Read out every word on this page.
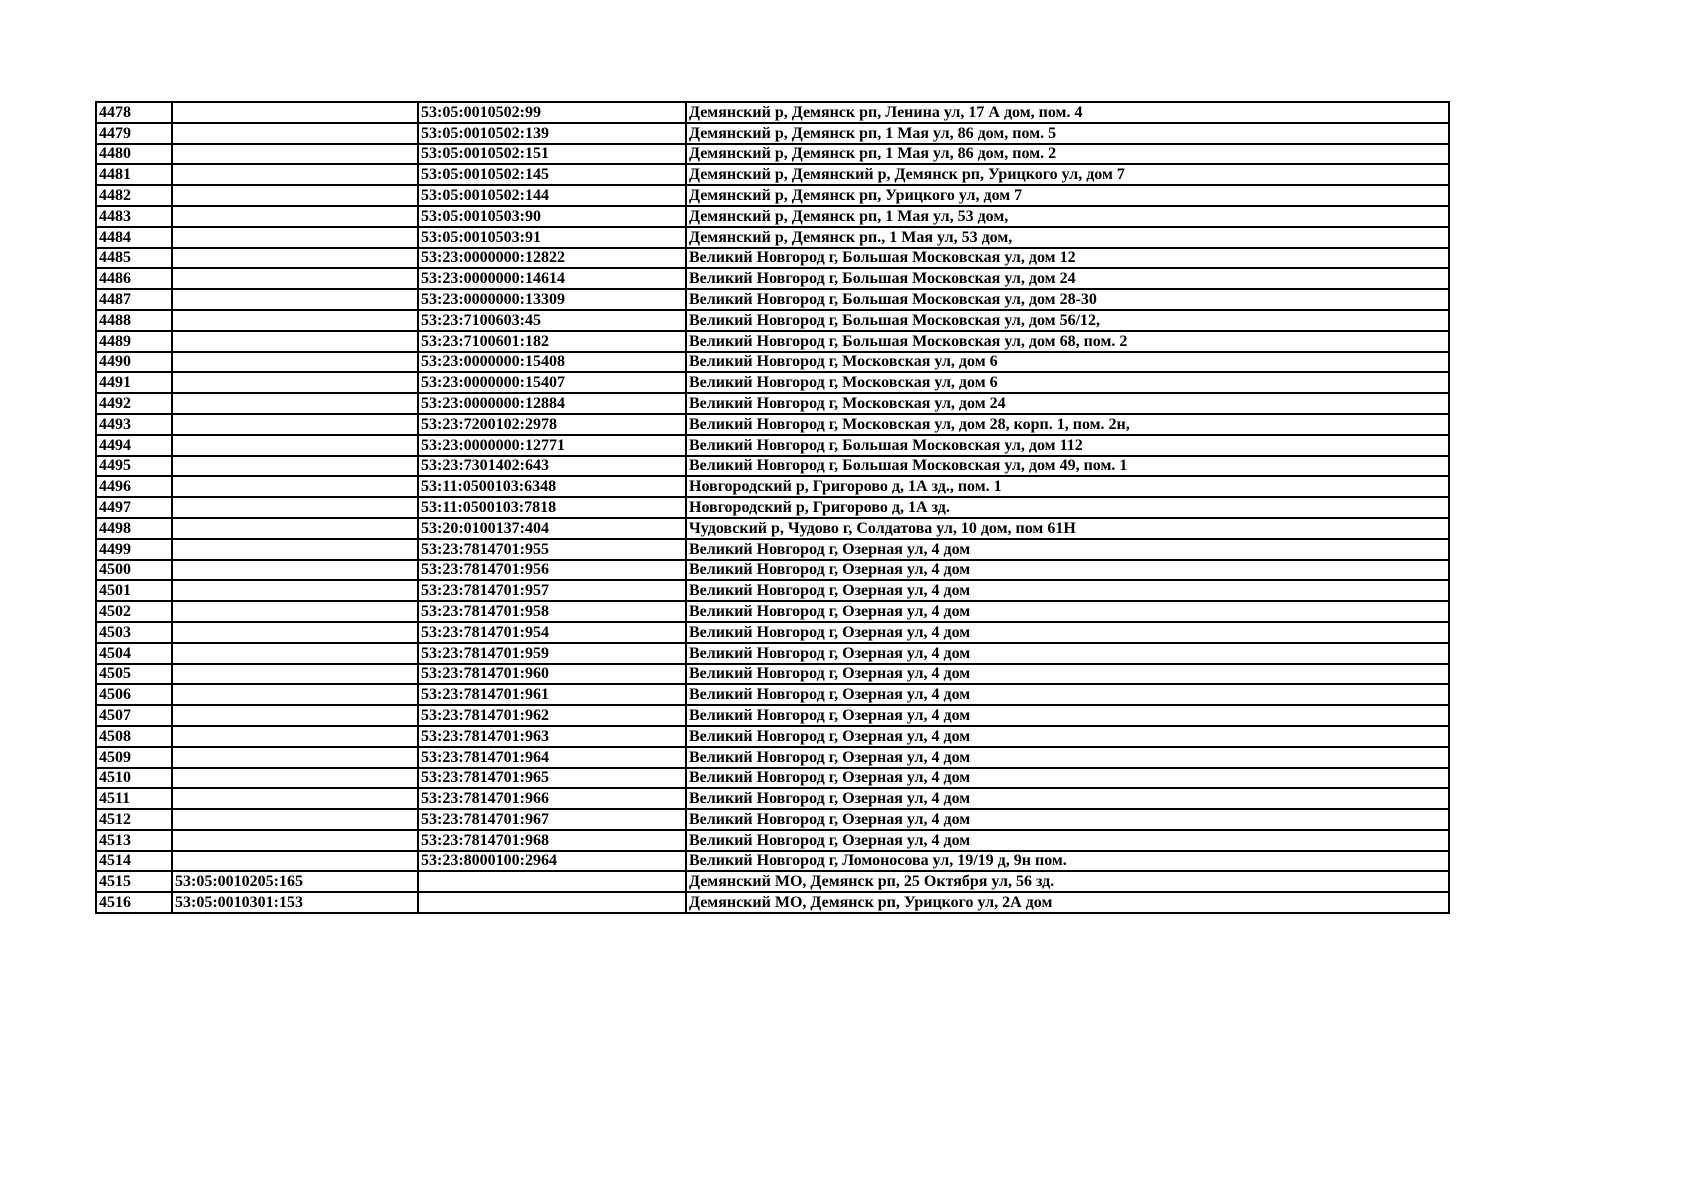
4478		53:05:0010502:99	Демянский р, Демянск рп, Ленина ул, 17 А дом, пом. 4
4479		53:05:0010502:139	Демянский р, Демянск рп, 1 Мая ул, 86 дом, пом. 5
4480		53:05:0010502:151	Демянский р, Демянск рп, 1 Мая ул, 86 дом, пом. 2
4481		53:05:0010502:145	Демянский р, Демянский р, Демянск рп, Урицкого ул, дом 7
4482		53:05:0010502:144	Демянский р, Демянск рп, Урицкого ул, дом 7
4483		53:05:0010503:90	Демянский р, Демянск рп, 1 Мая ул, 53 дом,
4484		53:05:0010503:91	Демянский р, Демянск рп., 1 Мая ул, 53 дом,
4485		53:23:0000000:12822	Великий Новгород г, Большая Московская ул, дом 12
4486		53:23:0000000:14614	Великий Новгород г, Большая Московская ул, дом 24
4487		53:23:0000000:13309	Великий Новгород г, Большая Московская ул, дом 28-30
4488		53:23:7100603:45	Великий Новгород г, Большая Московская ул, дом 56/12,
4489		53:23:7100601:182	Великий Новгород г, Большая Московская ул, дом 68, пом. 2
4490		53:23:0000000:15408	Великий Новгород г, Московская ул, дом 6
4491		53:23:0000000:15407	Великий Новгород г, Московская ул, дом 6
4492		53:23:0000000:12884	Великий Новгород г, Московская ул, дом 24
4493		53:23:7200102:2978	Великий Новгород г, Московская ул, дом 28, корп. 1, пом. 2н,
4494		53:23:0000000:12771	Великий Новгород г, Большая Московская ул, дом 112
4495		53:23:7301402:643	Великий Новгород г, Большая Московская ул, дом 49, пом. 1
4496		53:11:0500103:6348	Новгородский р, Григорово д, 1А зд., пом. 1
4497		53:11:0500103:7818	Новгородский р, Григорово д, 1А зд.
4498		53:20:0100137:404	Чудовский р, Чудово г, Солдатова ул, 10 дом, пом 61Н
4499		53:23:7814701:955	Великий Новгород г, Озерная ул, 4 дом
4500		53:23:7814701:956	Великий Новгород г, Озерная ул, 4 дом
4501		53:23:7814701:957	Великий Новгород г, Озерная ул, 4 дом
4502		53:23:7814701:958	Великий Новгород г, Озерная ул, 4 дом
4503		53:23:7814701:954	Великий Новгород г, Озерная ул, 4 дом
4504		53:23:7814701:959	Великий Новгород г, Озерная ул, 4 дом
4505		53:23:7814701:960	Великий Новгород г, Озерная ул, 4 дом
4506		53:23:7814701:961	Великий Новгород г, Озерная ул, 4 дом
4507		53:23:7814701:962	Великий Новгород г, Озерная ул, 4 дом
4508		53:23:7814701:963	Великий Новгород г, Озерная ул, 4 дом
4509		53:23:7814701:964	Великий Новгород г, Озерная ул, 4 дом
4510		53:23:7814701:965	Великий Новгород г, Озерная ул, 4 дом
4511		53:23:7814701:966	Великий Новгород г, Озерная ул, 4 дом
4512		53:23:7814701:967	Великий Новгород г, Озерная ул, 4 дом
4513		53:23:7814701:968	Великий Новгород г, Озерная ул, 4 дом
4514		53:23:8000100:2964	Великий Новгород г, Ломоносова ул, 19/19 д, 9н пом.
4515	53:05:0010205:165		Демянский МО, Демянск рп, 25 Октября ул, 56 зд.
4516	53:05:0010301:153		Демянский МО, Демянск рп, Урицкого ул, 2А дом
